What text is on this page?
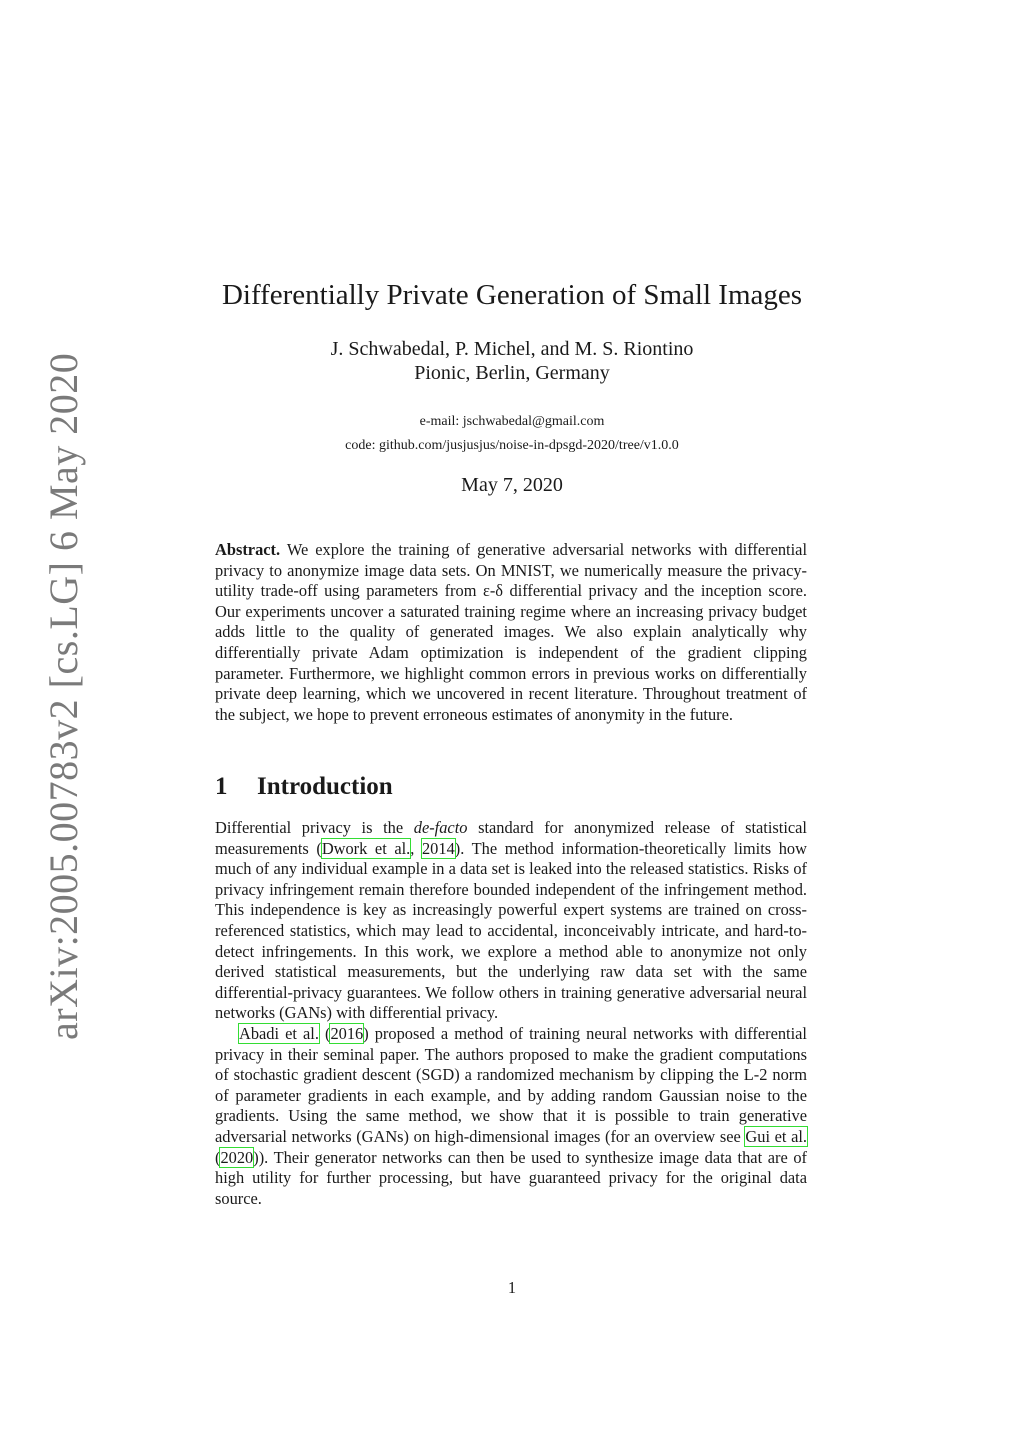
arXiv:2005.00783v2 [cs.LG] 6 May 2020
Differentially Private Generation of Small Images
J. Schwabedal, P. Michel, and M. S. Riontino
Pionic, Berlin, Germany
e-mail: jschwabedal@gmail.com
code: github.com/jusjusjus/noise-in-dpsgd-2020/tree/v1.0.0
May 7, 2020
Abstract. We explore the training of generative adversarial networks with differential privacy to anonymize image data sets. On MNIST, we numerically measure the privacy-utility trade-off using parameters from ε-δ differential privacy and the inception score. Our experiments uncover a saturated training regime where an increasing privacy budget adds little to the quality of generated images. We also explain analytically why differentially private Adam optimization is independent of the gradient clipping parameter. Furthermore, we highlight common errors in previous works on differentially private deep learning, which we uncovered in recent literature. Throughout treatment of the subject, we hope to prevent erroneous estimates of anonymity in the future.
1 Introduction

Differential privacy is the de-facto standard for anonymized release of statistical measurements (Dwork et al., 2014). The method information-theoretically limits how much of any individual example in a data set is leaked into the released statistics. Risks of privacy infringement remain therefore bounded independent of the infringement method. This independence is key as increasingly powerful expert systems are trained on cross-referenced statistics, which may lead to accidental, inconceivably intricate, and hard-to-detect infringements. In this work, we explore a method able to anonymize not only derived statistical measurements, but the underlying raw data set with the same differential-privacy guarantees. We follow others in training generative adversarial neural networks (GANs) with differential privacy.

Abadi et al. (2016) proposed a method of training neural networks with differential privacy in their seminal paper. The authors proposed to make the gradient computations of stochastic gradient descent (SGD) a randomized mechanism by clipping the L-2 norm of parameter gradients in each example, and by adding random Gaussian noise to the gradients. Using the same method, we show that it is possible to train generative adversarial networks (GANs) on high-dimensional images (for an overview see Gui et al. (2020)). Their generator networks can then be used to synthesize image data that are of high utility for further processing, but have guaranteed privacy for the original data source.

1
